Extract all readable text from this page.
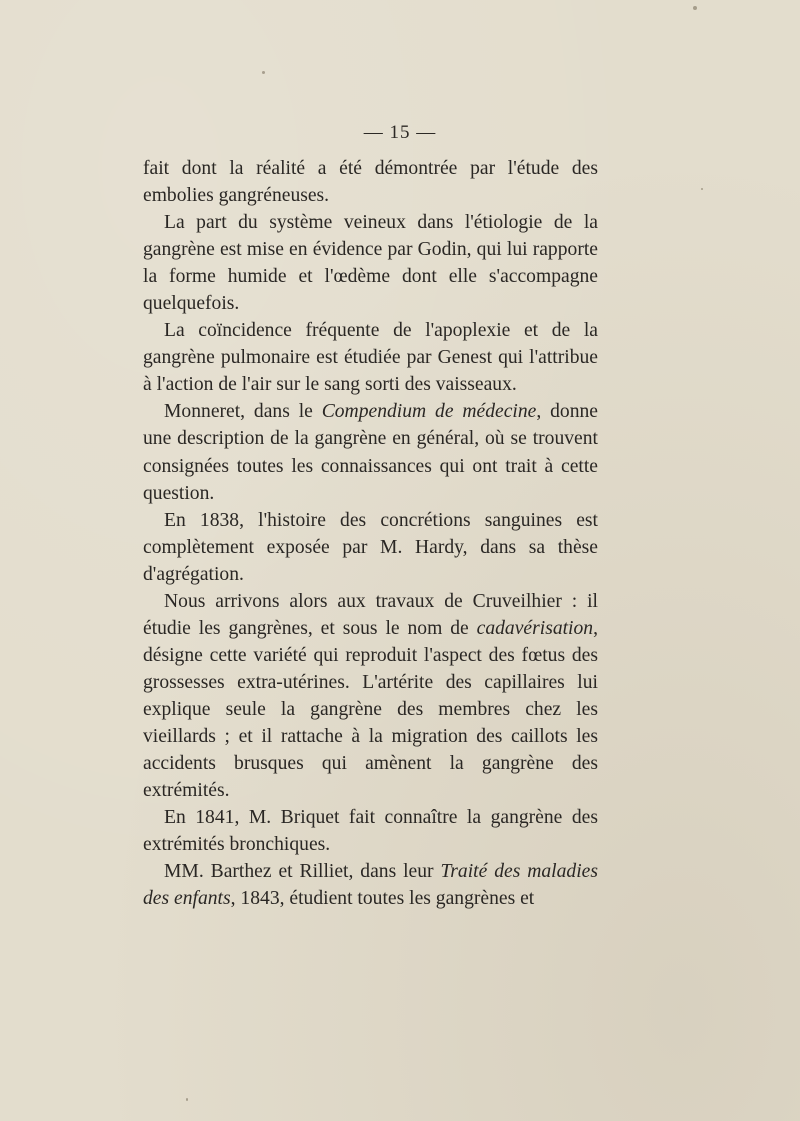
— 15 —

fait dont la réalité a été démontrée par l'étude des embolies gangréneuses.

La part du système veineux dans l'étiologie de la gangrène est mise en évidence par Godin, qui lui rapporte la forme humide et l'œdème dont elle s'accompagne quelquefois.

La coïncidence fréquente de l'apoplexie et de la gangrène pulmonaire est étudiée par Genest qui l'attribue à l'action de l'air sur le sang sorti des vaisseaux.

Monneret, dans le Compendium de médecine, donne une description de la gangrène en général, où se trouvent consignées toutes les connaissances qui ont trait à cette question.

En 1838, l'histoire des concrétions sanguines est complètement exposée par M. Hardy, dans sa thèse d'agrégation.

Nous arrivons alors aux travaux de Cruveilhier : il étudie les gangrènes, et sous le nom de cadavérisation, désigne cette variété qui reproduit l'aspect des fœtus des grossesses extra-utérines. L'artérite des capillaires lui explique seule la gangrène des membres chez les vieillards ; et il rattache à la migration des caillots les accidents brusques qui amènent la gangrène des extrémités.

En 1841, M. Briquet fait connaître la gangrène des extrémités bronchiques.

MM. Barthez et Rilliet, dans leur Traité des maladies des enfants, 1843, étudient toutes les gangrènes et
